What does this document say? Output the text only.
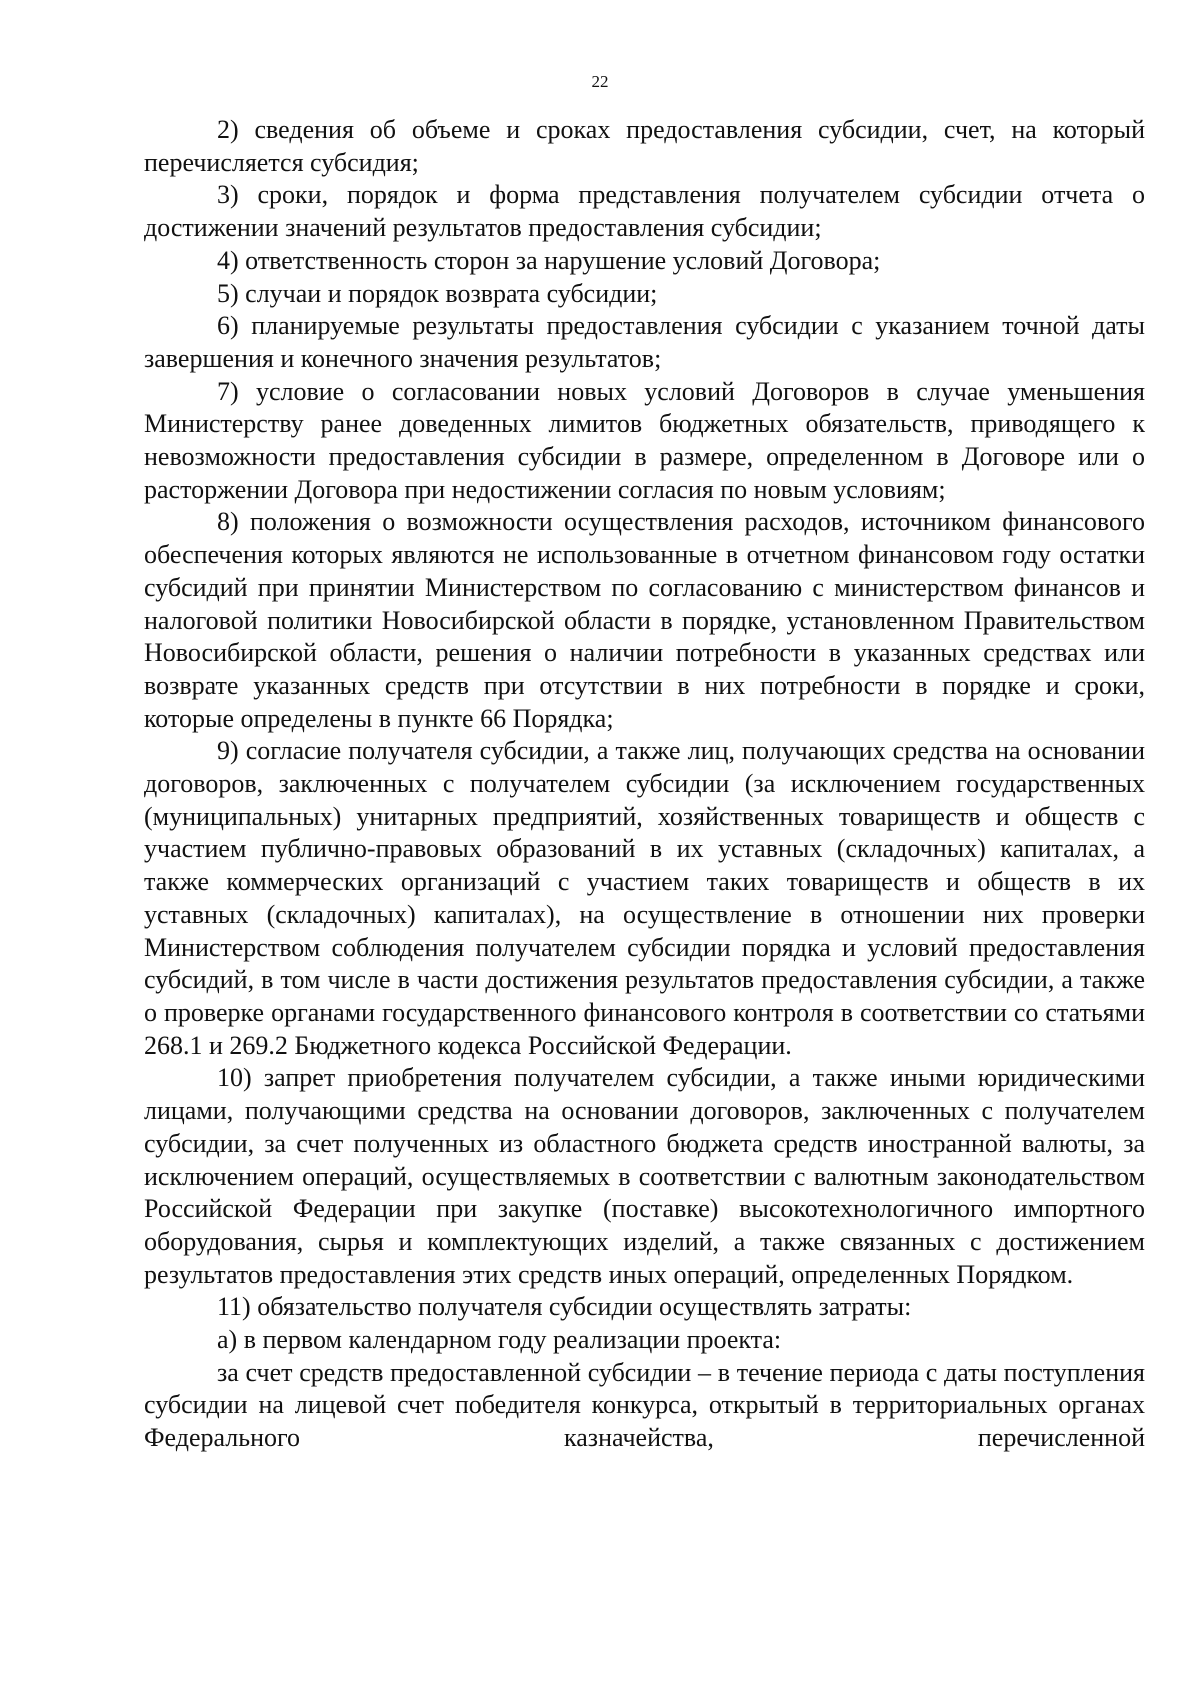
22

2) сведения об объеме и сроках предоставления субсидии, счет, на который перечисляется субсидия;

3) сроки, порядок и форма представления получателем субсидии отчета о достижении значений результатов предоставления субсидии;

4) ответственность сторон за нарушение условий Договора;

5) случаи и порядок возврата субсидии;

6) планируемые результаты предоставления субсидии с указанием точной даты завершения и конечного значения результатов;

7) условие о согласовании новых условий Договоров в случае уменьшения Министерству ранее доведенных лимитов бюджетных обязательств, приводящего к невозможности предоставления субсидии в размере, определенном в Договоре или о расторжении Договора при недостижении согласия по новым условиям;

8) положения о возможности осуществления расходов, источником финансового обеспечения которых являются не использованные в отчетном финансовом году остатки субсидий при принятии Министерством по согласованию с министерством финансов и налоговой политики Новосибирской области в порядке, установленном Правительством Новосибирской области, решения о наличии потребности в указанных средствах или возврате указанных средств при отсутствии в них потребности в порядке и сроки, которые определены в пункте 66 Порядка;

9) согласие получателя субсидии, а также лиц, получающих средства на основании договоров, заключенных с получателем субсидии (за исключением государственных (муниципальных) унитарных предприятий, хозяйственных товариществ и обществ с участием публично-правовых образований в их уставных (складочных) капиталах, а также коммерческих организаций с участием таких товариществ и обществ в их уставных (складочных) капиталах), на осуществление в отношении них проверки Министерством соблюдения получателем субсидии порядка и условий предоставления субсидий, в том числе в части достижения результатов предоставления субсидии, а также о проверке органами государственного финансового контроля в соответствии со статьями 268.1 и 269.2 Бюджетного кодекса Российской Федерации.

10) запрет приобретения получателем субсидии, а также иными юридическими лицами, получающими средства на основании договоров, заключенных с получателем субсидии, за счет полученных из областного бюджета средств иностранной валюты, за исключением операций, осуществляемых в соответствии с валютным законодательством Российской Федерации при закупке (поставке) высокотехнологичного импортного оборудования, сырья и комплектующих изделий, а также связанных с достижением результатов предоставления этих средств иных операций, определенных Порядком.

11) обязательство получателя субсидии осуществлять затраты:

а) в первом календарном году реализации проекта:

за счет средств предоставленной субсидии – в течение периода с даты поступления субсидии на лицевой счет победителя конкурса, открытый в территориальных органах Федерального казначейства, перечисленной
